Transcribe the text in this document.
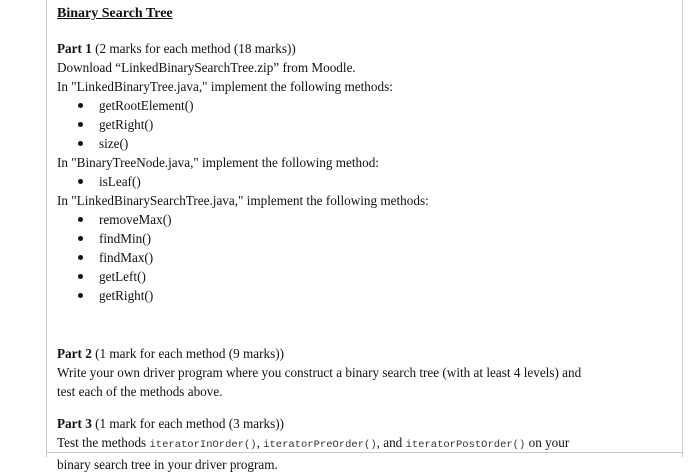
Binary Search Tree

Part 1 (2 marks for each method (18 marks))

Download “LinkedBinarySearchTree.zip” from Moodle.

In "LinkedBinaryTree.java," implement the following methods:

getRootElement()
getRight()
size()

In "BinaryTreeNode.java," implement the following method:

isLeaf()

In "LinkedBinarySearchTree.java," implement the following methods:

removeMax()
findMin()
findMax()
getLeft()
getRight()

Part 2 (1 mark for each method (9 marks))

Write your own driver program where you construct a binary search tree (with at least 4 levels) and

test each of the methods above.

Part 3 (1 mark for each method (3 marks))

Test the methods iteratorInOrder(), iteratorPreOrder(), and iteratorPostOrder() on your

binary search tree in your driver program.
